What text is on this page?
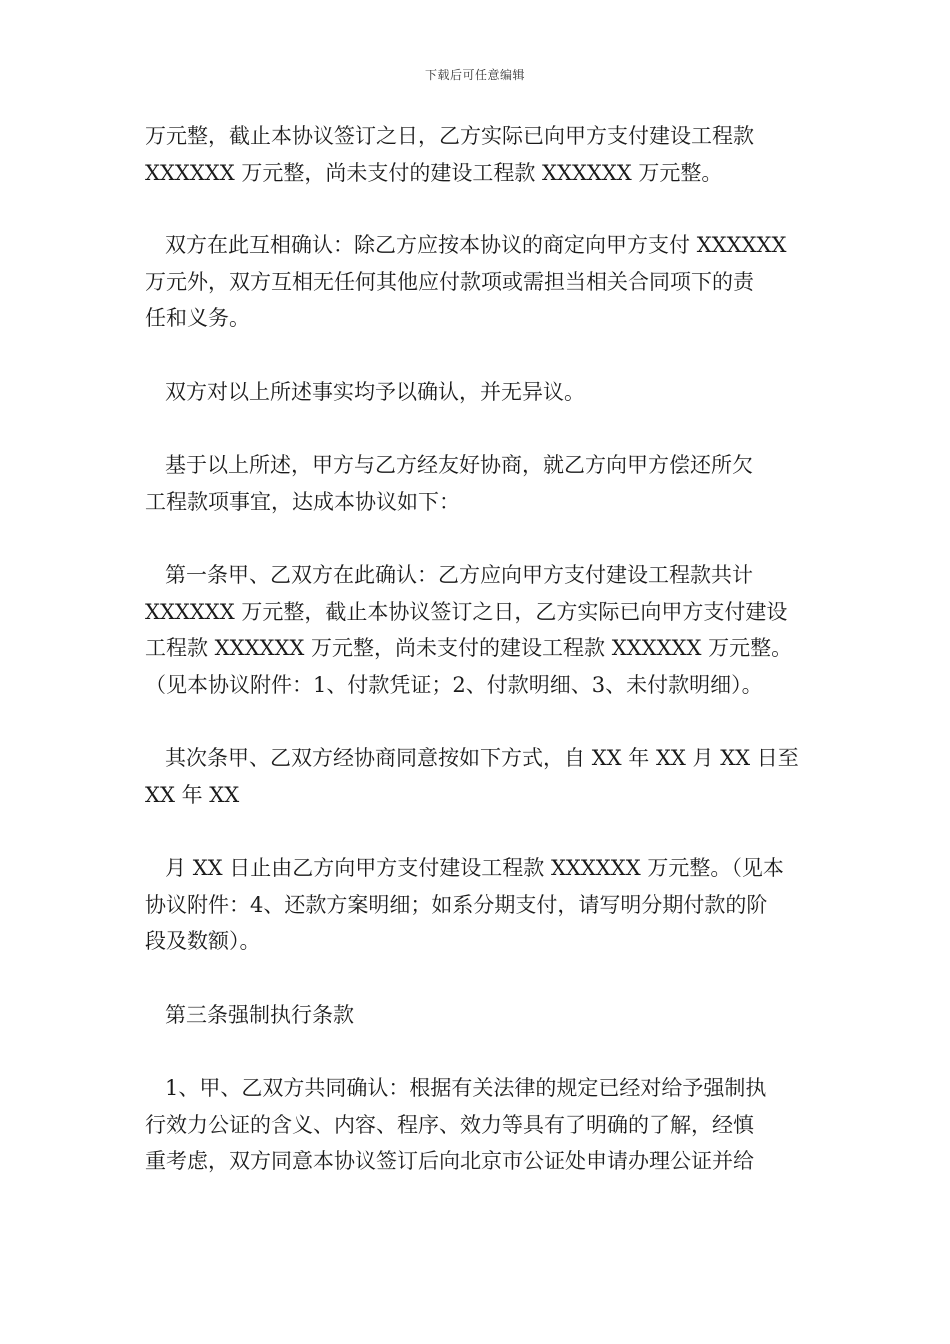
下载后可任意编辑

万元整，截止本协议签订之日，乙方实际已向甲方支付建设工程款
XXXXXX 万元整，尚未支付的建设工程款 XXXXXX 万元整。

双方在此互相确认：除乙方应按本协议的商定向甲方支付 XXXXXX
万元外，双方互相无任何其他应付款项或需担当相关合同项下的责
任和义务。

双方对以上所述事实均予以确认，并无异议。

基于以上所述，甲方与乙方经友好协商，就乙方向甲方偿还所欠
工程款项事宜，达成本协议如下：

第一条甲、乙双方在此确认：乙方应向甲方支付建设工程款共计
XXXXXX 万元整，截止本协议签订之日，乙方实际已向甲方支付建设
工程款 XXXXXX 万元整，尚未支付的建设工程款 XXXXXX 万元整。
（见本协议附件：1、付款凭证；2、付款明细、3、未付款明细）。

其次条甲、乙双方经协商同意按如下方式，自 XX 年 XX 月 XX 日至
XX 年 XX

月 XX 日止由乙方向甲方支付建设工程款 XXXXXX 万元整。（见本
协议附件：4、还款方案明细；如系分期支付，请写明分期付款的阶
段及数额）。

第三条强制执行条款

1、甲、乙双方共同确认：根据有关法律的规定已经对给予强制执
行效力公证的含义、内容、程序、效力等具有了明确的了解，经慎
重考虑，双方同意本协议签订后向北京市公证处申请办理公证并给
